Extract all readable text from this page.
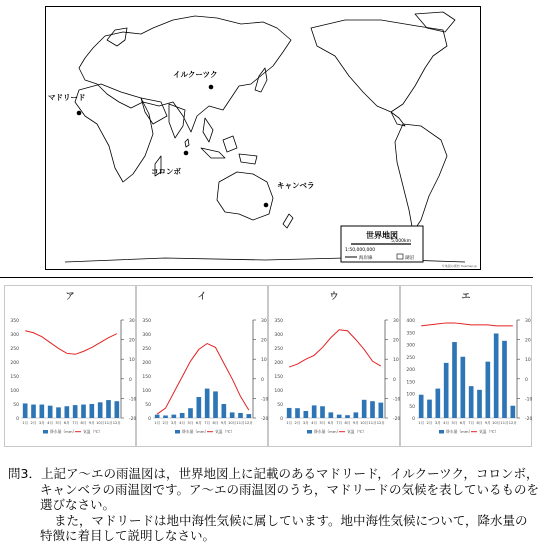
イルクーツク
マドリード
コロンボ
キャンベラ
世界地図
5,000km
1:50,000,000
海岸線	湖沼
©地図の素材 freemap.jp
ア
0
50
100
150
200
250
300
350
-20
-10
0
10
20
30
1月 2月 3月 4月 5月 6月 7月 8月 9月 10月 11月 12月
降水量（mm） 気温（℃）
イ
0
50
100
150
200
250
300
350
-20
-10
0
10
20
30
1月 2月 3月 4月 5月 6月 7月 8月 9月 10月 11月 12月
降水量（mm） 気温（℃）
ウ
0
50
100
150
200
250
300
350
-20
-10
0
10
20
30
1月 2月 3月 4月 5月 6月 7月 8月 9月 10月 11月 12月
降水量（mm） 気温（℃）
エ
0
50
100
150
200
250
300
350
400
-20
-10
0
10
20
30
1月 2月 3月 4月 5月 6月 7月 8月 9月 10月 11月 12月
降水量（mm） 気温（℃）
問3．上記ア～エの雨温図は，世界地図上に記載のあるマドリード，イルクーツク，コロンボ，
キャンベラの雨温図です。ア～エの雨温図のうち，マドリードの気候を表しているものを
選びなさい。
また，マドリードは地中海性気候に属しています。地中海性気候について，降水量の
特徴に着目して説明しなさい。
